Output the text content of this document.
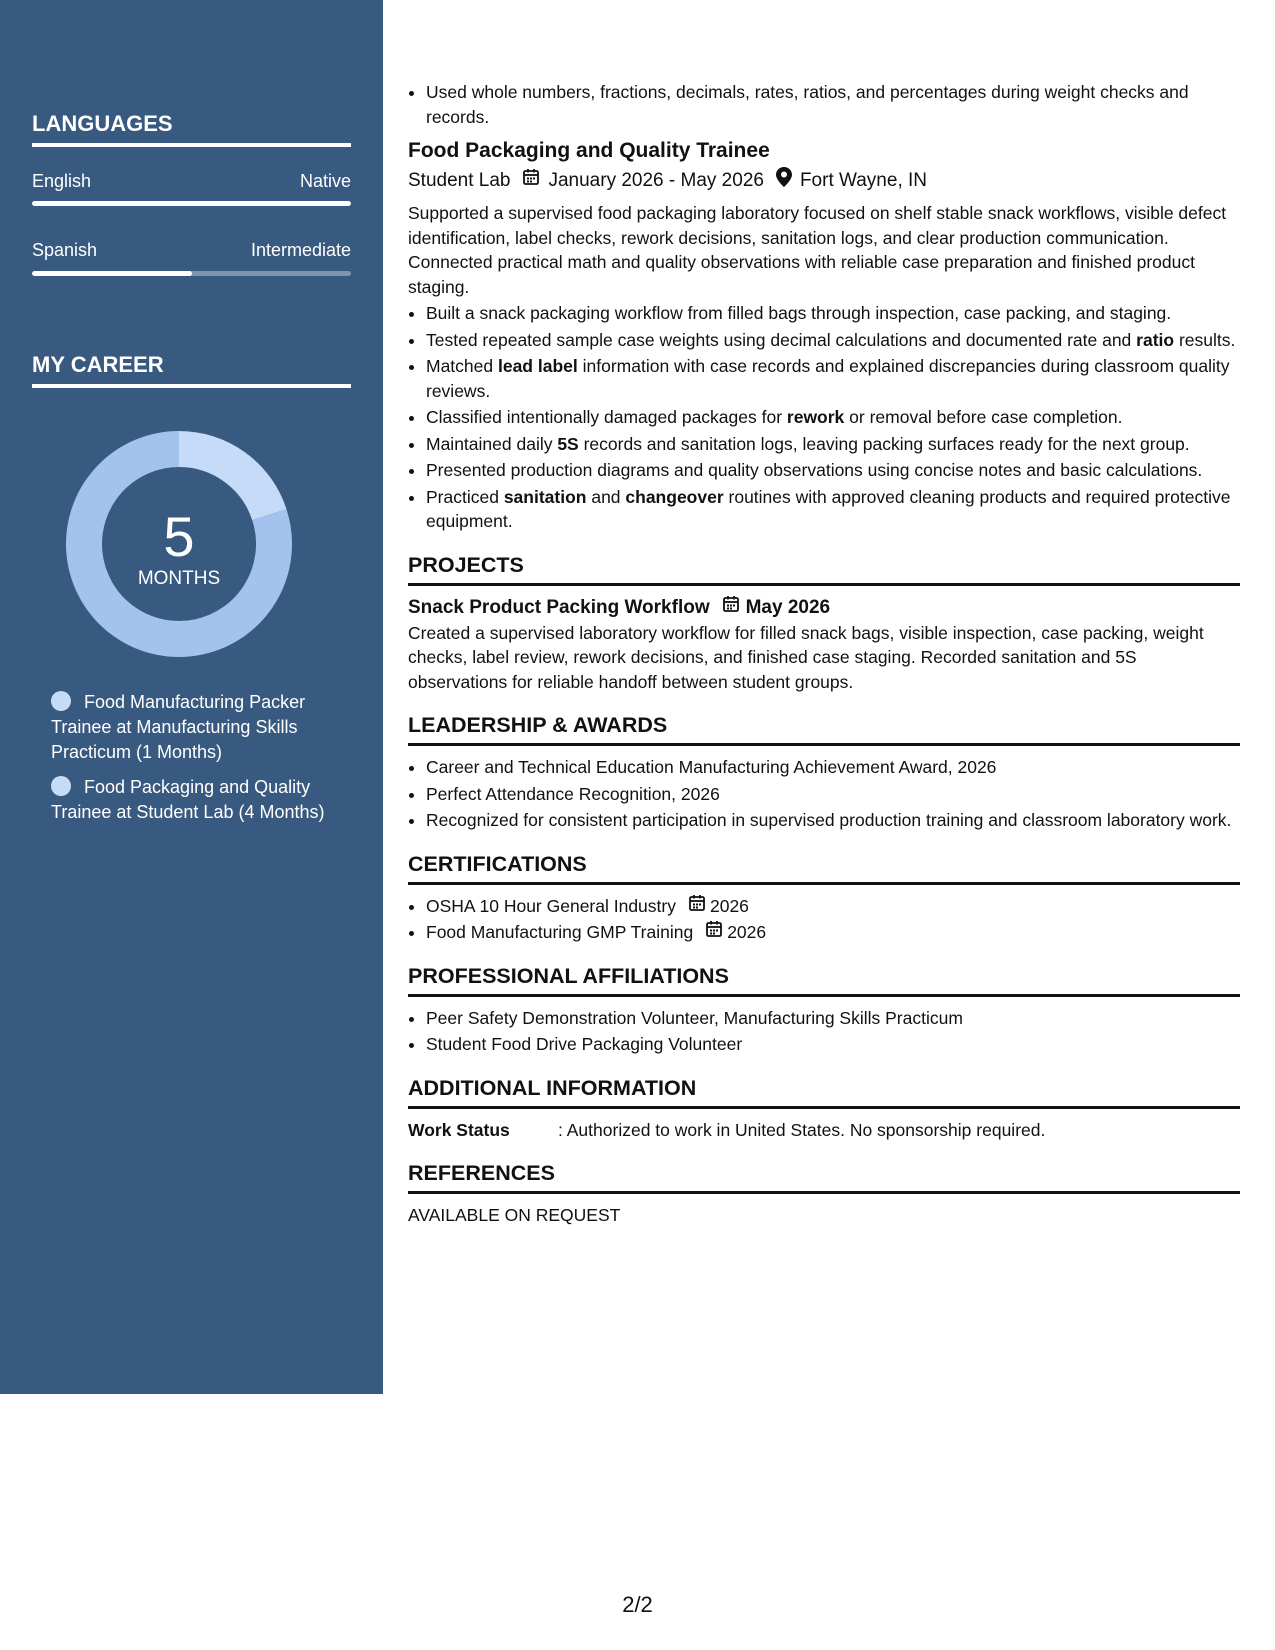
LANGUAGES
English	Native
Spanish	Intermediate
MY CAREER
5
MONTHS
Food Manufacturing Packer Trainee at Manufacturing Skills Practicum (1 Months)
Food Packaging and Quality Trainee at Student Lab (4 Months)
• Used whole numbers, fractions, decimals, rates, ratios, and percentages during weight checks and records.
Food Packaging and Quality Trainee
Student Lab January 2026 - May 2026 Fort Wayne, IN
Supported a supervised food packaging laboratory focused on shelf stable snack workflows, visible defect identification, label checks, rework decisions, sanitation logs, and clear production communication. Connected practical math and quality observations with reliable case preparation and finished product staging.
• Built a snack packaging workflow from filled bags through inspection, case packing, and staging.
• Tested repeated sample case weights using decimal calculations and documented rate and ratio results.
• Matched lead label information with case records and explained discrepancies during classroom quality reviews.
• Classified intentionally damaged packages for rework or removal before case completion.
• Maintained daily 5S records and sanitation logs, leaving packing surfaces ready for the next group.
• Presented production diagrams and quality observations using concise notes and basic calculations.
• Practiced sanitation and changeover routines with approved cleaning products and required protective equipment.
PROJECTS
Snack Product Packing Workflow May 2026
Created a supervised laboratory workflow for filled snack bags, visible inspection, case packing, weight checks, label review, rework decisions, and finished case staging. Recorded sanitation and 5S observations for reliable handoff between student groups.
LEADERSHIP & AWARDS
• Career and Technical Education Manufacturing Achievement Award, 2026
• Perfect Attendance Recognition, 2026
• Recognized for consistent participation in supervised production training and classroom laboratory work.
CERTIFICATIONS
• OSHA 10 Hour General Industry 2026
• Food Manufacturing GMP Training 2026
PROFESSIONAL AFFILIATIONS
• Peer Safety Demonstration Volunteer, Manufacturing Skills Practicum
• Student Food Drive Packaging Volunteer
ADDITIONAL INFORMATION
Work Status	: Authorized to work in United States. No sponsorship required.
REFERENCES
AVAILABLE ON REQUEST
2/2
